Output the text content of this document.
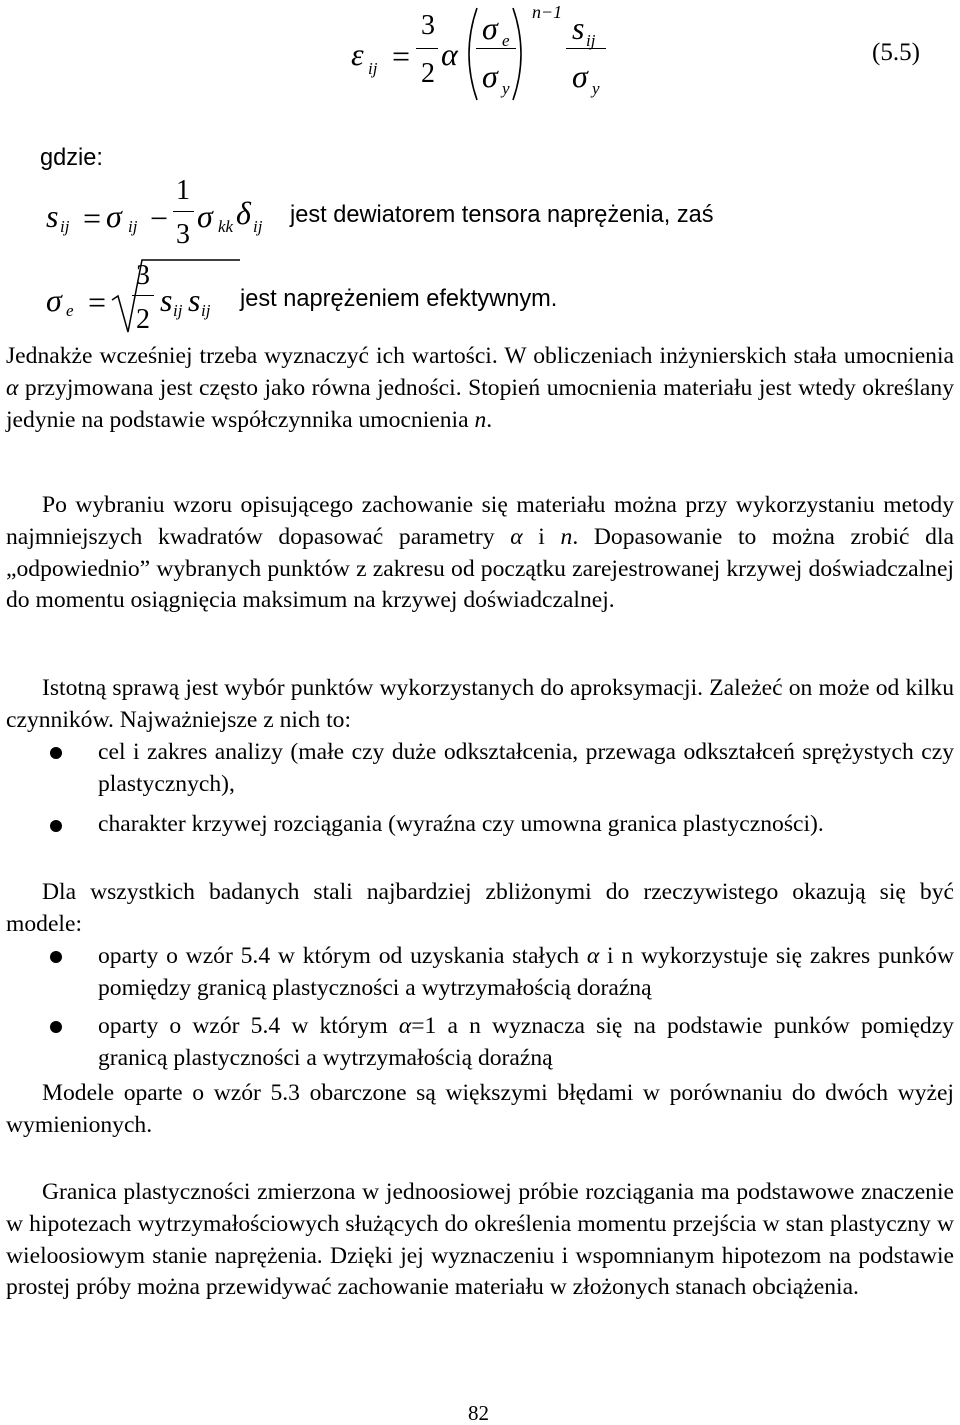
ε ij =
3
2
α
σ e
σ y
n−1 s ij
σ y
(5.5)
gdzie:
s ij = σ ij −
1
3
σ kk δ ij jest dewiatorem tensora naprężenia, zaś
σ e =
3
2
s ij s ij jest naprężeniem efektywnym.

Jednakże wcześniej trzeba wyznaczyć ich wartości. W obliczeniach inżynierskich stała umocnienia α przyjmowana jest często jako równa jedności. Stopień umocnienia materiału jest wtedy określany jedynie na podstawie współczynnika umocnienia n.

Po wybraniu wzoru opisującego zachowanie się materiału można przy wykorzystaniu metody najmniejszych kwadratów dopasować parametry α i n. Dopasowanie to można zrobić dla „odpowiednio” wybranych punktów z zakresu od początku zarejestrowanej krzywej doświadczalnej do momentu osiągnięcia maksimum na krzywej doświadczalnej.

Istotną sprawą jest wybór punktów wykorzystanych do aproksymacji. Zależeć on może od kilku czynników. Najważniejsze z nich to:

cel i zakres analizy (małe czy duże odkształcenia, przewaga odkształceń sprężystych czy plastycznych),

charakter krzywej rozciągania (wyraźna czy umowna granica plastyczności).

Dla wszystkich badanych stali najbardziej zbliżonymi do rzeczywistego okazują się być modele:

oparty o wzór 5.4 w którym od uzyskania stałych α i n wykorzystuje się zakres punków pomiędzy granicą plastyczności a wytrzymałością doraźną

oparty o wzór 5.4 w którym α=1 a n wyznacza się na podstawie punków pomiędzy granicą plastyczności a wytrzymałością doraźną

Modele oparte o wzór 5.3 obarczone są większymi błędami w porównaniu do dwóch wyżej wymienionych.

Granica plastyczności zmierzona w jednoosiowej próbie rozciągania ma podstawowe znaczenie w hipotezach wytrzymałościowych służących do określenia momentu przejścia w stan plastyczny w wieloosiowym stanie naprężenia. Dzięki jej wyznaczeniu i wspomnianym hipotezom na podstawie prostej próby można przewidywać zachowanie materiału w złożonych stanach obciążenia.

82
